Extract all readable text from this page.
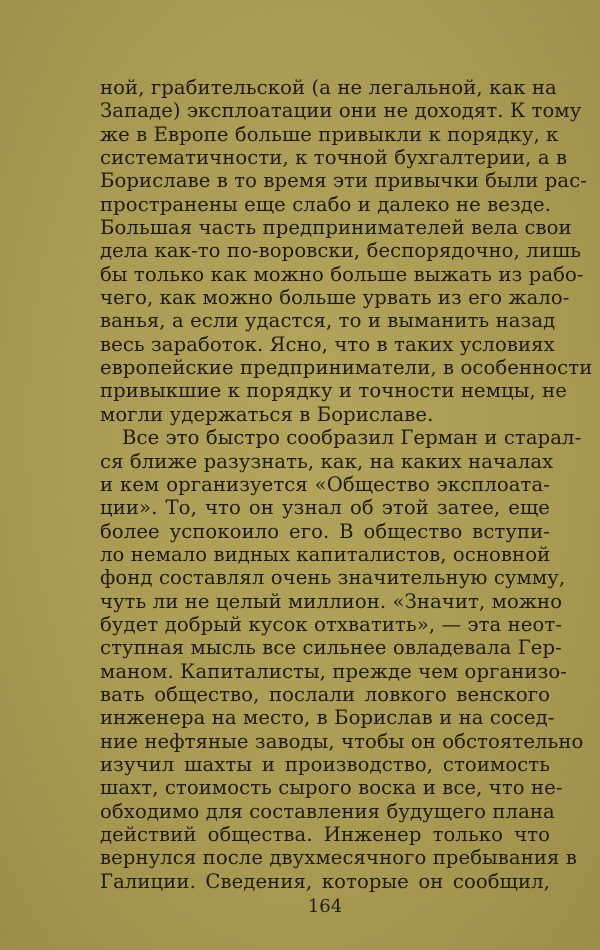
ной, грабительской (а не легальной, как на
Западе) эксплоатации они не доходят. К тому
же в Европе больше привыкли к порядку, к
систематичности, к точной бухгалтерии, а в
Бориславе в то время эти привычки были рас-
пространены еще слабо и далеко не везде.
Большая часть предпринимателей вела свои
дела как-то по-воровски, беспорядочно, лишь
бы только как можно больше выжать из рабо-
чего, как можно больше урвать из его жало-
ванья, а если удастся, то и выманить назад
весь заработок. Ясно, что в таких условиях
европейские предприниматели, в особенности
привыкшие к порядку и точности немцы, не
могли удержаться в Бориславе.
Все это быстро сообразил Герман и старал-
ся ближе разузнать, как, на каких началах
и кем организуется «Общество эксплоата-
ции». То, что он узнал об этой затее, еще
более успокоило его. В общество вступи-
ло немало видных капиталистов, основной
фонд составлял очень значительную сумму,
чуть ли не целый миллион. «Значит, можно
будет добрый кусок отхватить», — эта неот-
ступная мысль все сильнее овладевала Гер-
маном. Капиталисты, прежде чем организо-
вать общество, послали ловкого венского
инженера на место, в Борислав и на сосед-
ние нефтяные заводы, чтобы он обстоятельно
изучил шахты и производство, стоимость
шахт, стоимость сырого воска и все, что не-
обходимо для составления будущего плана
действий общества. Инженер только что
вернулся после двухмесячного пребывания в
Галиции. Сведения, которые он сообщил,
164
